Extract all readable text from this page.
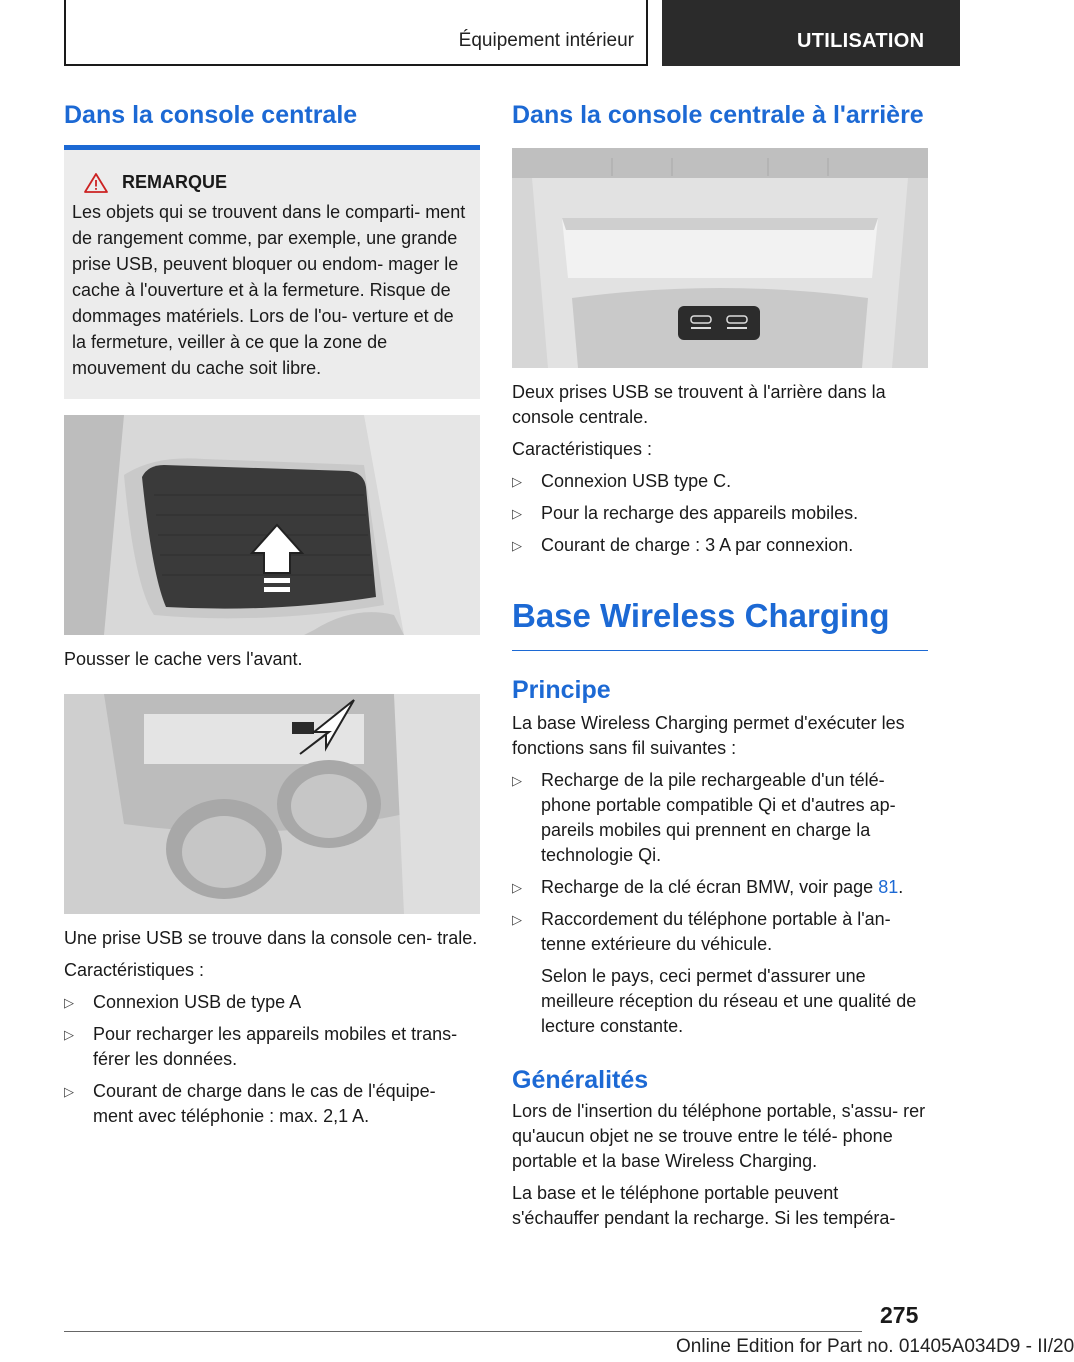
Équipement intérieur	UTILISATION
Dans la console centrale
REMARQUE

Les objets qui se trouvent dans le comparti- ment de rangement comme, par exemple, une grande prise USB, peuvent bloquer ou endom- mager le cache à l'ouverture et à la fermeture. Risque de dommages matériels. Lors de l'ou- verture et de la fermeture, veiller à ce que la zone de mouvement du cache soit libre.

Pousser le cache vers l'avant.

Une prise USB se trouve dans la console cen- trale.

Caractéristiques :

▷ Connexion USB de type A
▷ Pour recharger les appareils mobiles et trans- férer les données.
▷ Courant de charge dans le cas de l'équipe- ment avec téléphonie : max. 2,1 A.
Dans la console centrale à l'arrière

Deux prises USB se trouvent à l'arrière dans la console centrale.

Caractéristiques :

▷ Connexion USB type C.
▷ Pour la recharge des appareils mobiles.
▷ Courant de charge : 3 A par connexion.
Base Wireless Charging
Principe

La base Wireless Charging permet d'exécuter les fonctions sans fil suivantes :

▷ Recharge de la pile rechargeable d'un télé- phone portable compatible Qi et d'autres ap- pareils mobiles qui prennent en charge la technologie Qi.
▷ Recharge de la clé écran BMW, voir page 81.
▷ Raccordement du téléphone portable à l'an- tenne extérieure du véhicule.
Selon le pays, ceci permet d'assurer une meilleure réception du réseau et une qualité de lecture constante.
Généralités

Lors de l'insertion du téléphone portable, s'assu- rer qu'aucun objet ne se trouve entre le télé- phone portable et la base Wireless Charging.

La base et le téléphone portable peuvent s'échauffer pendant la recharge. Si les tempéra-

275
Online Edition for Part no. 01405A034D9 - II/20
